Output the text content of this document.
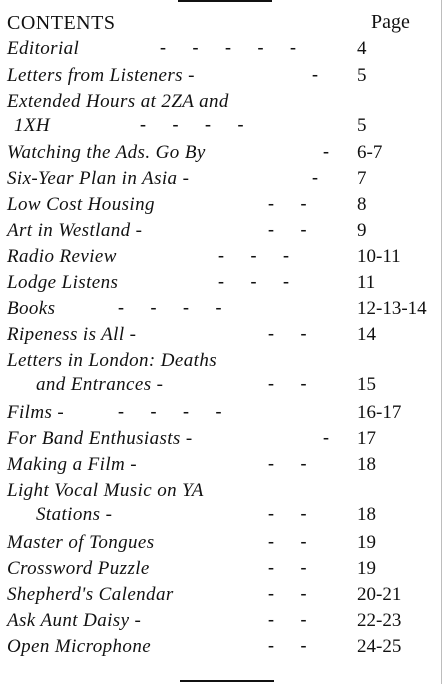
CONTENTS	Page
Editorial	- - - - -	4
Letters from Listeners -	- 5
Extended Hours at 2ZA and
1XH	- - - -	5
Watching the Ads. Go By	- 6-7
Six-Year Plan in Asia -	- 7
Low Cost Housing	- -	8
Art in Westland -	- -	9
Radio Review	- - -	10-11
Lodge Listens	- - -	11
Books	- - - -	12-13-14
Ripeness is All -	- -	14
Letters in London: Deaths
and Entrances -	- -	15
Films -	- - - -	16-17
For Band Enthusiasts -	- 17
Making a Film -	- -	18
Light Vocal Music on YA
Stations -	- -	18
Master of Tongues	- -	19
Crossword Puzzle	- -	19
Shepherd's Calendar	- -	20-21
Ask Aunt Daisy -	- -	22-23
Open Microphone	- -	24-25
